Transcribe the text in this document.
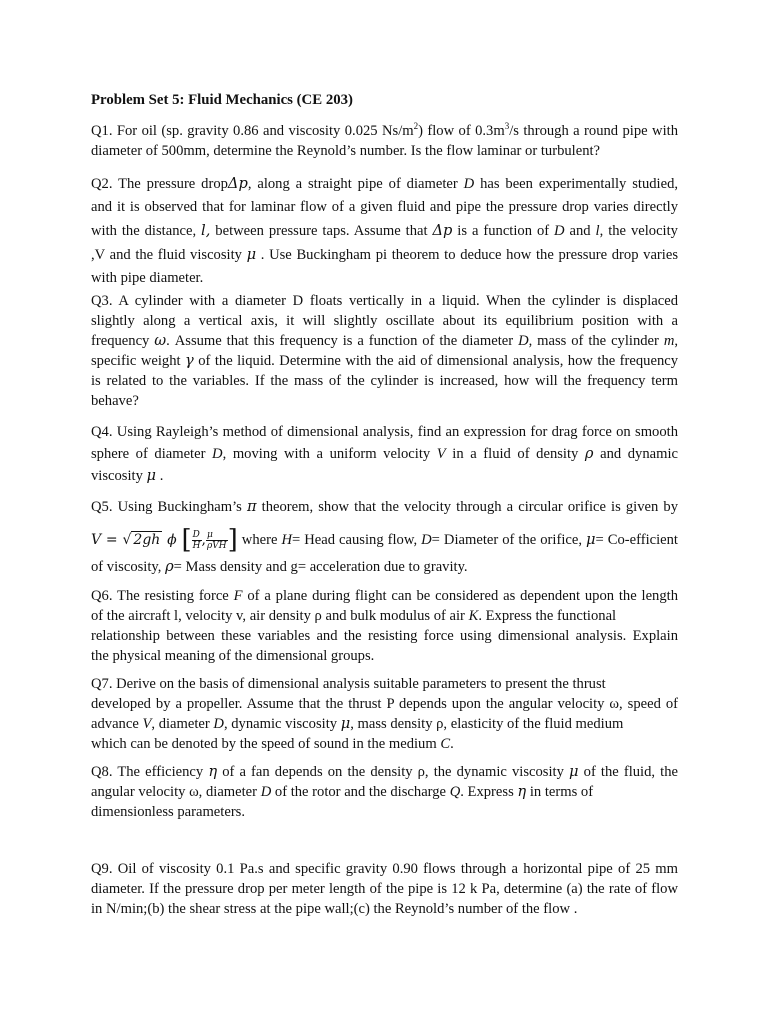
Problem Set 5: Fluid Mechanics (CE 203)
Q1. For oil (sp. gravity 0.86 and viscosity 0.025 $Ns/m^2$) flow of $0.3m^3/s$ through a round pipe with
diameter of 500mm, determine the Reynold’s number. Is the flow laminar or turbulent?
Q2. The pressure dropΔp, along a straight pipe of diameter D has been experimentally studied,
and it is observed that for laminar flow of a given fluid and pipe the pressure drop varies directly
with the distance, l, between pressure taps. Assume that Δp is a function of D and l, the velocity
,V and the fluid viscosity μ . Use Buckingham pi theorem to deduce how the pressure drop varies
with pipe diameter.
Q3. A cylinder with a diameter D floats vertically in a liquid. When the cylinder is displaced
slightly along a vertical axis, it will slightly oscillate about its equilibrium position with a
frequency ω. Assume that this frequency is a function of the diameter D, mass of the cylinder m,
specific weight γ of the liquid. Determine with the aid of dimensional analysis, how the frequency
is related to the variables. If the mass of the cylinder is increased, how will the frequency term
behave?
Q4. Using Rayleigh’s method of dimensional analysis, find an expression for drag force on smooth
sphere of diameter D, moving with a uniform velocity V in a fluid of density ρ and dynamic
viscosity μ .
Q5. Using Buckingham’s π theorem, show that the velocity through a circular orifice is given by
V = √ 2gh ϕ [ $\frac{D}{H}$ , $\frac{\mu}{\text{ρVH}}$ ] where H= Head causing flow, D= Diameter of the orifice, μ= Co-efficient
of viscosity, ρ= Mass density and g= acceleration due to gravity.
Q6. The resisting force F of a plane during flight can be considered as dependent upon the length
of the aircraft l, velocity v, air density ρ and bulk modulus of air K. Express the functional
relationship between these variables and the resisting force using dimensional analysis. Explain
the physical meaning of the dimensional groups.
Q7. Derive on the basis of dimensional analysis suitable parameters to present the thrust
developed by a propeller. Assume that the thrust P depends upon the angular velocity ω, speed of
advance V, diameter D, dynamic viscosity μ, mass density ρ, elasticity of the fluid medium
which can be denoted by the speed of sound in the medium C.
Q8. The efficiency η of a fan depends on the density ρ, the dynamic viscosity μ of the fluid, the
angular velocity ω, diameter D of the rotor and the discharge Q. Express η in terms of
dimensionless parameters.
Q9. Oil of viscosity 0.1 Pa.s and specific gravity 0.90 flows through a horizontal pipe of 25 mm
diameter. If the pressure drop per meter length of the pipe is 12 k Pa, determine (a) the rate of flow
in N/min;(b) the shear stress at the pipe wall;(c) the Reynold’s number of the flow .
